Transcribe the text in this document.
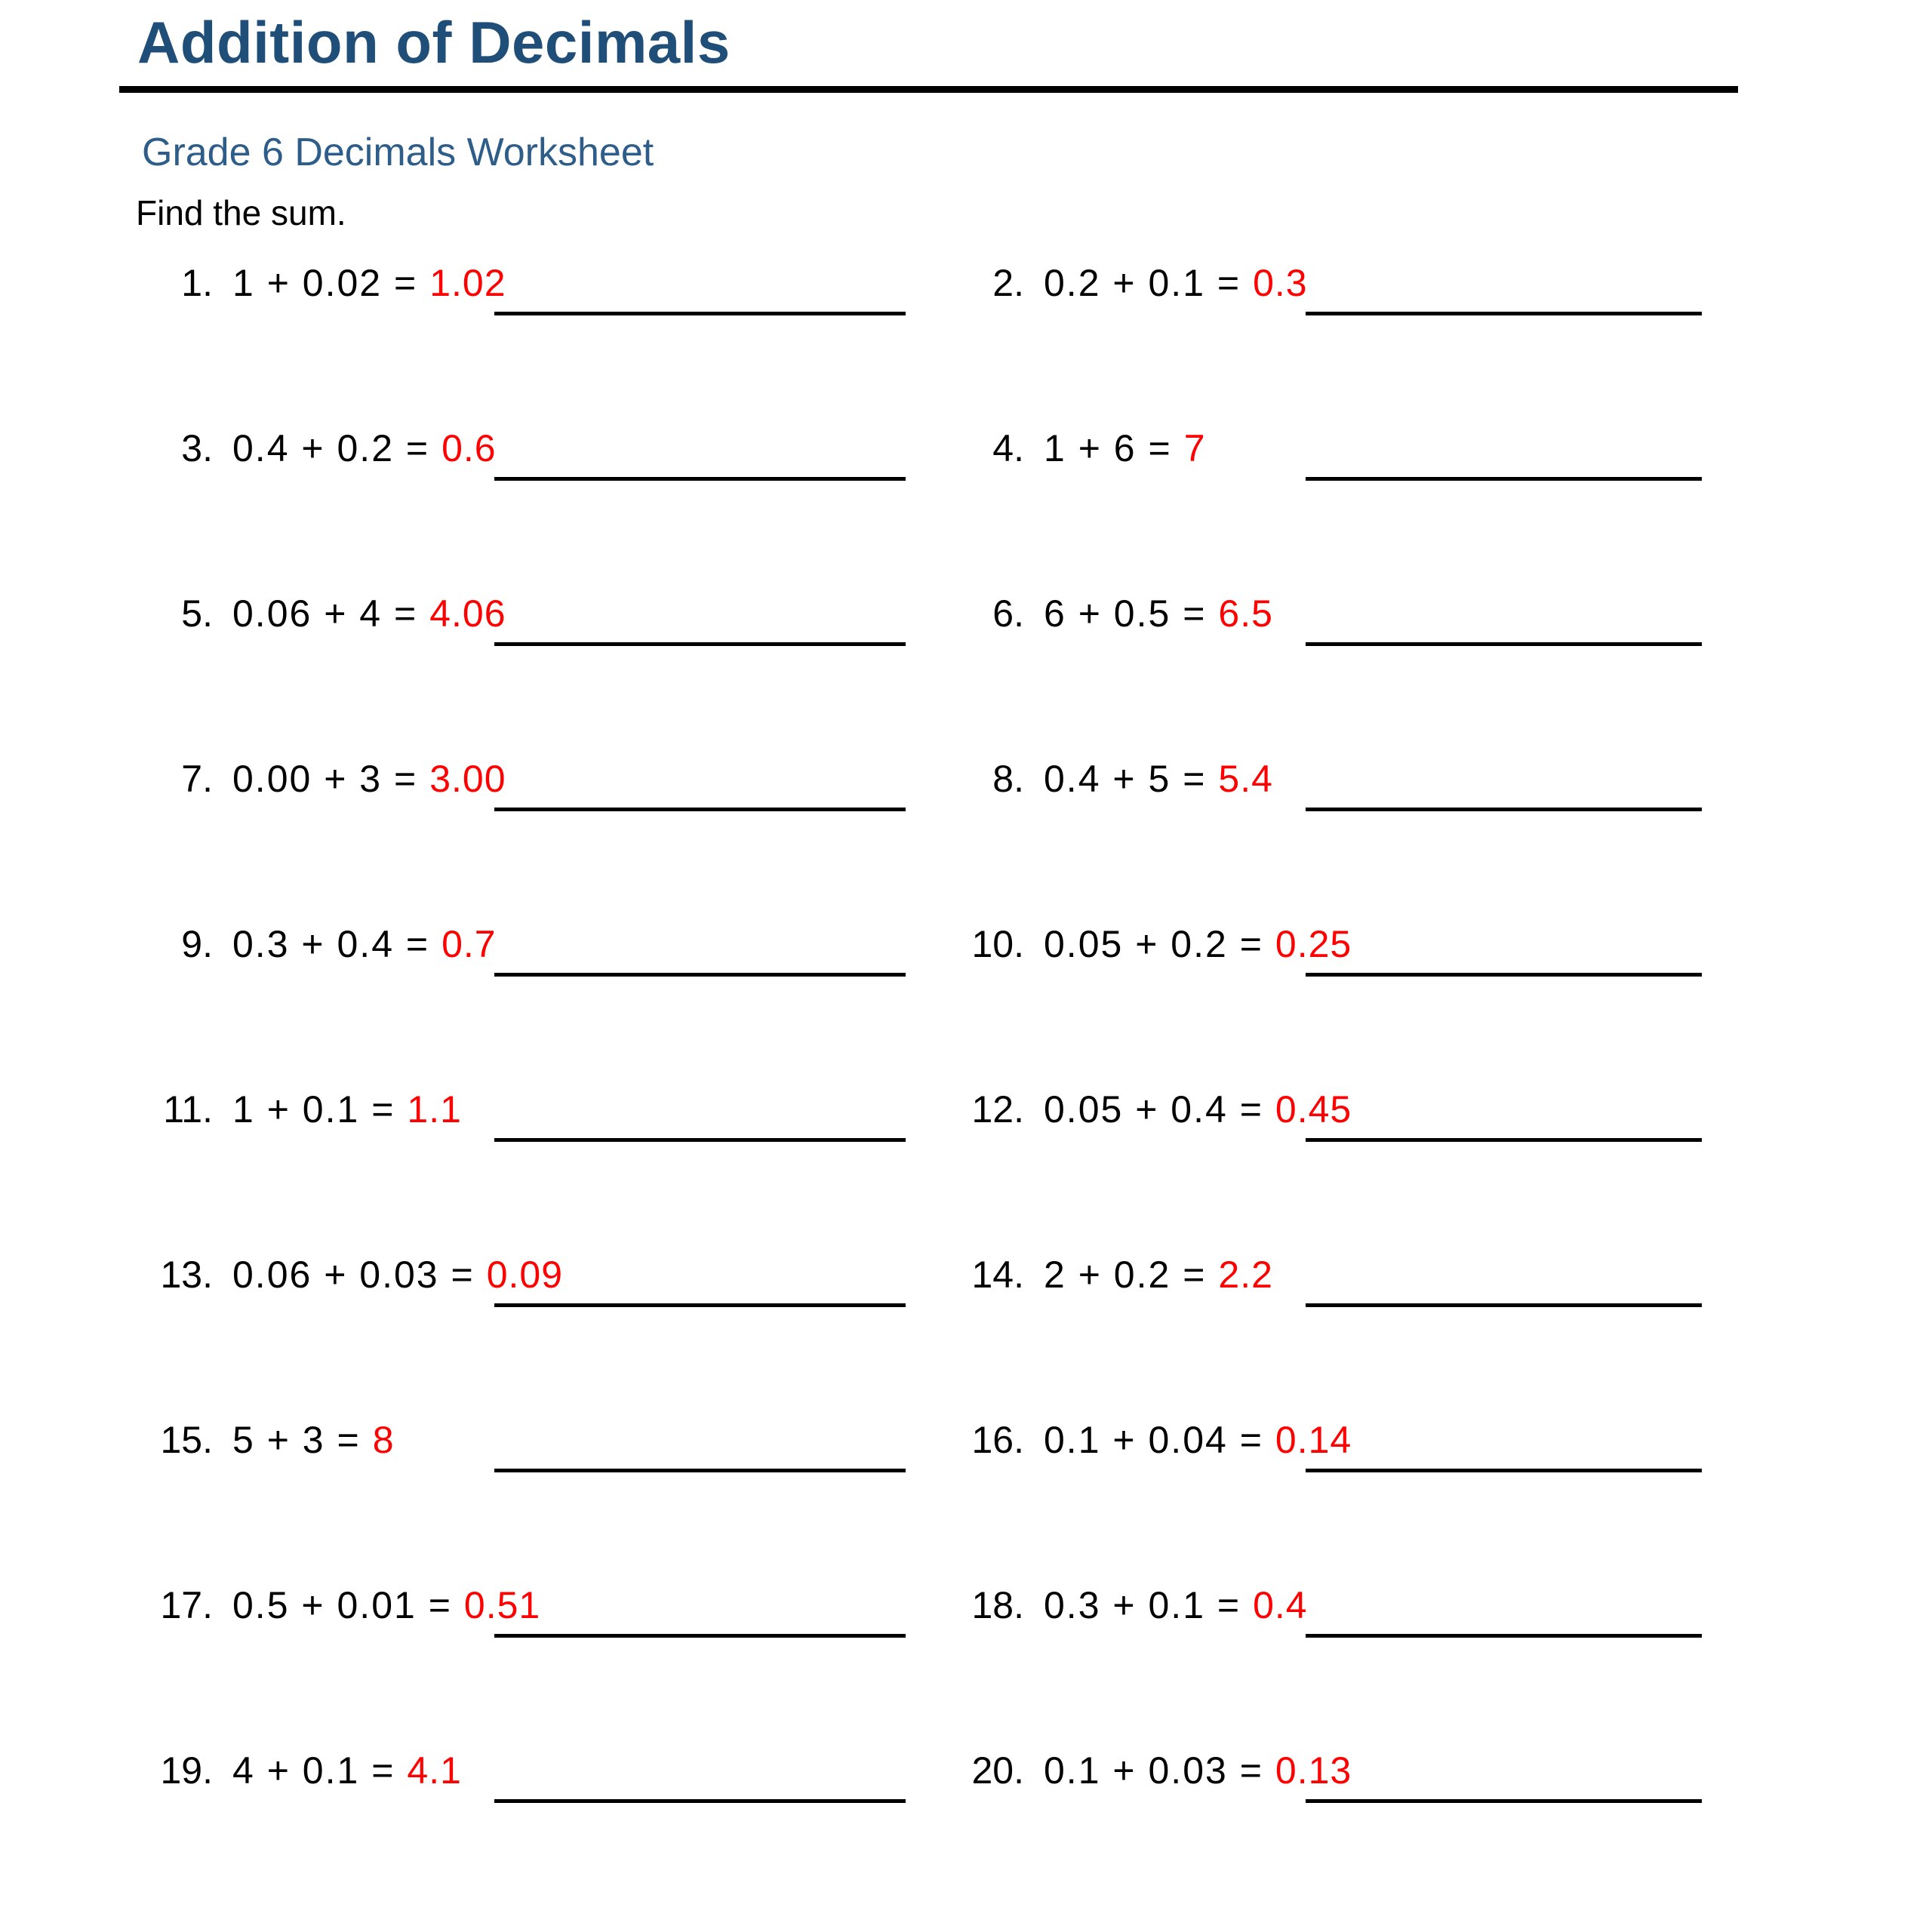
Addition of Decimals
Grade 6 Decimals Worksheet
Find the sum.
1. 1 + 0.02 = 1.02	2. 0.2 + 0.1 = 0.3
3. 0.4 + 0.2 = 0.6	4. 1 + 6 = 7
5. 0.06 + 4 = 4.06	6. 6 + 0.5 = 6.5
7. 0.00 + 3 = 3.00	8. 0.4 + 5 = 5.4
9. 0.3 + 0.4 = 0.7	10. 0.05 + 0.2 = 0.25
11. 1 + 0.1 = 1.1	12. 0.05 + 0.4 = 0.45
13. 0.06 + 0.03 = 0.09	14. 2 + 0.2 = 2.2
15. 5 + 3 = 8	16. 0.1 + 0.04 = 0.14
17. 0.5 + 0.01 = 0.51	18. 0.3 + 0.1 = 0.4
19. 4 + 0.1 = 4.1	20. 0.1 + 0.03 = 0.13
